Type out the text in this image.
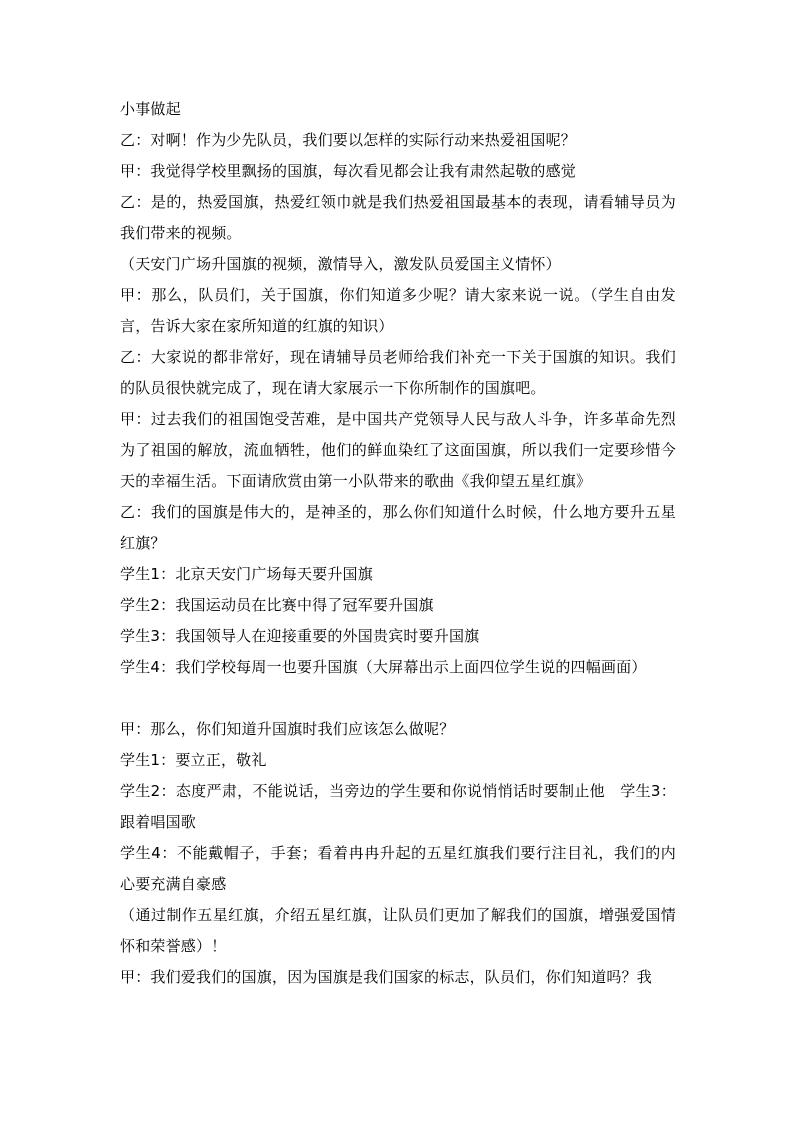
小事做起

乙：对啊！作为少先队员，我们要以怎样的实际行动来热爱祖国呢？

甲：我觉得学校里飘扬的国旗，每次看见都会让我有肃然起敬的感觉

乙：是的，热爱国旗，热爱红领巾就是我们热爱祖国最基本的表现，请看辅导员为我们带来的视频。

（天安门广场升国旗的视频，激情导入，激发队员爱国主义情怀）

甲：那么，队员们，关于国旗，你们知道多少呢？请大家来说一说。（学生自由发言，告诉大家在家所知道的红旗的知识）

乙：大家说的都非常好，现在请辅导员老师给我们补充一下关于国旗的知识。我们的队员很快就完成了，现在请大家展示一下你所制作的国旗吧。

甲：过去我们的祖国饱受苦难，是中国共产党领导人民与敌人斗争，许多革命先烈为了祖国的解放，流血牺牲，他们的鲜血染红了这面国旗，所以我们一定要珍惜今天的幸福生活。下面请欣赏由第一小队带来的歌曲《我仰望五星红旗》

乙：我们的国旗是伟大的，是神圣的，那么你们知道什么时候，什么地方要升五星红旗？

学生1：北京天安门广场每天要升国旗

学生2：我国运动员在比赛中得了冠军要升国旗

学生3：我国领导人在迎接重要的外国贵宾时要升国旗

学生4：我们学校每周一也要升国旗（大屏幕出示上面四位学生说的四幅画面）

甲：那么，你们知道升国旗时我们应该怎么做呢？

学生1：要立正，敬礼

学生2：态度严肃，不能说话，当旁边的学生要和你说悄悄话时要制止他   学生3：跟着唱国歌

学生4：不能戴帽子，手套；看着冉冉升起的五星红旗我们要行注目礼，我们的内心要充满自豪感

（通过制作五星红旗，介绍五星红旗，让队员们更加了解我们的国旗，增强爱国情怀和荣誉感）！

甲：我们爱我们的国旗，因为国旗是我们国家的标志，队员们，你们知道吗？我
